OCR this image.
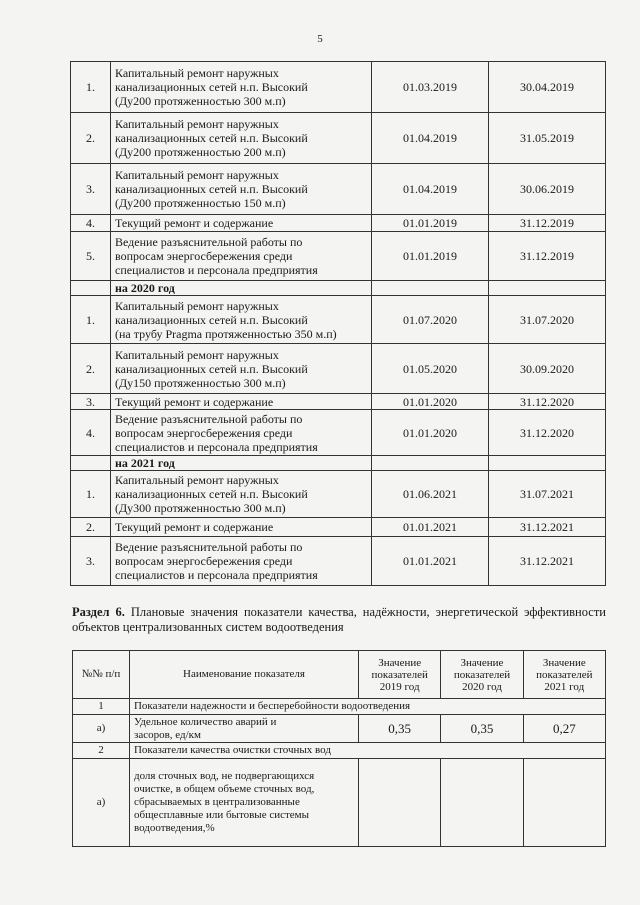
5
1.	Капитальный ремонт наружных
канализационных сетей н.п. Высокий
(Ду200 протяженностью 300 м.п)	01.03.2019	30.04.2019
2.	Капитальный ремонт наружных
канализационных сетей н.п. Высокий
(Ду200 протяженностью 200 м.п)	01.04.2019	31.05.2019
3.	Капитальный ремонт наружных
канализационных сетей н.п. Высокий
(Ду200 протяженностью 150 м.п)	01.04.2019	30.06.2019
4.	Текущий ремонт и содержание	01.01.2019	31.12.2019
5.	Ведение разъяснительной работы по
вопросам энергосбережения среди
специалистов и персонала предприятия	01.01.2019	31.12.2019
	на 2020 год		
1.	Капитальный ремонт наружных
канализационных сетей н.п. Высокий
(на трубу Pragma протяженностью 350 м.п)	01.07.2020	31.07.2020
2.	Капитальный ремонт наружных
канализационных сетей н.п. Высокий
(Ду150 протяженностью 300 м.п)	01.05.2020	30.09.2020
3.	Текущий ремонт и содержание	01.01.2020	31.12.2020
4.	Ведение разъяснительной работы по
вопросам энергосбережения среди
специалистов и персонала предприятия	01.01.2020	31.12.2020
	на 2021 год		
1.	Капитальный ремонт наружных
канализационных сетей н.п. Высокий
(Ду300 протяженностью 300 м.п)	01.06.2021	31.07.2021
2.	Текущий ремонт и содержание	01.01.2021	31.12.2021
3.	Ведение разъяснительной работы по
вопросам энергосбережения среди
специалистов и персонала предприятия	01.01.2021	31.12.2021
Раздел 6. Плановые значения показатели качества, надёжности, энергетической эффективности объектов централизованных систем водоотведения
№№ п/п	Наименование показателя	Значение
показателей
2019 год	Значение
показателей
2020 год	Значение
показателей
2021 год
1	Показатели надежности и бесперебойности водоотведения			
а)	Удельное количество аварий и
засоров, ед/км	0,35	0,35	0,27
2	Показатели качества очистки сточных вод			
а)	доля сточных вод, не подвергающихся
очистке, в общем объеме сточных вод,
сбрасываемых в централизованные
общесплавные или бытовые системы
водоотведения,%			
